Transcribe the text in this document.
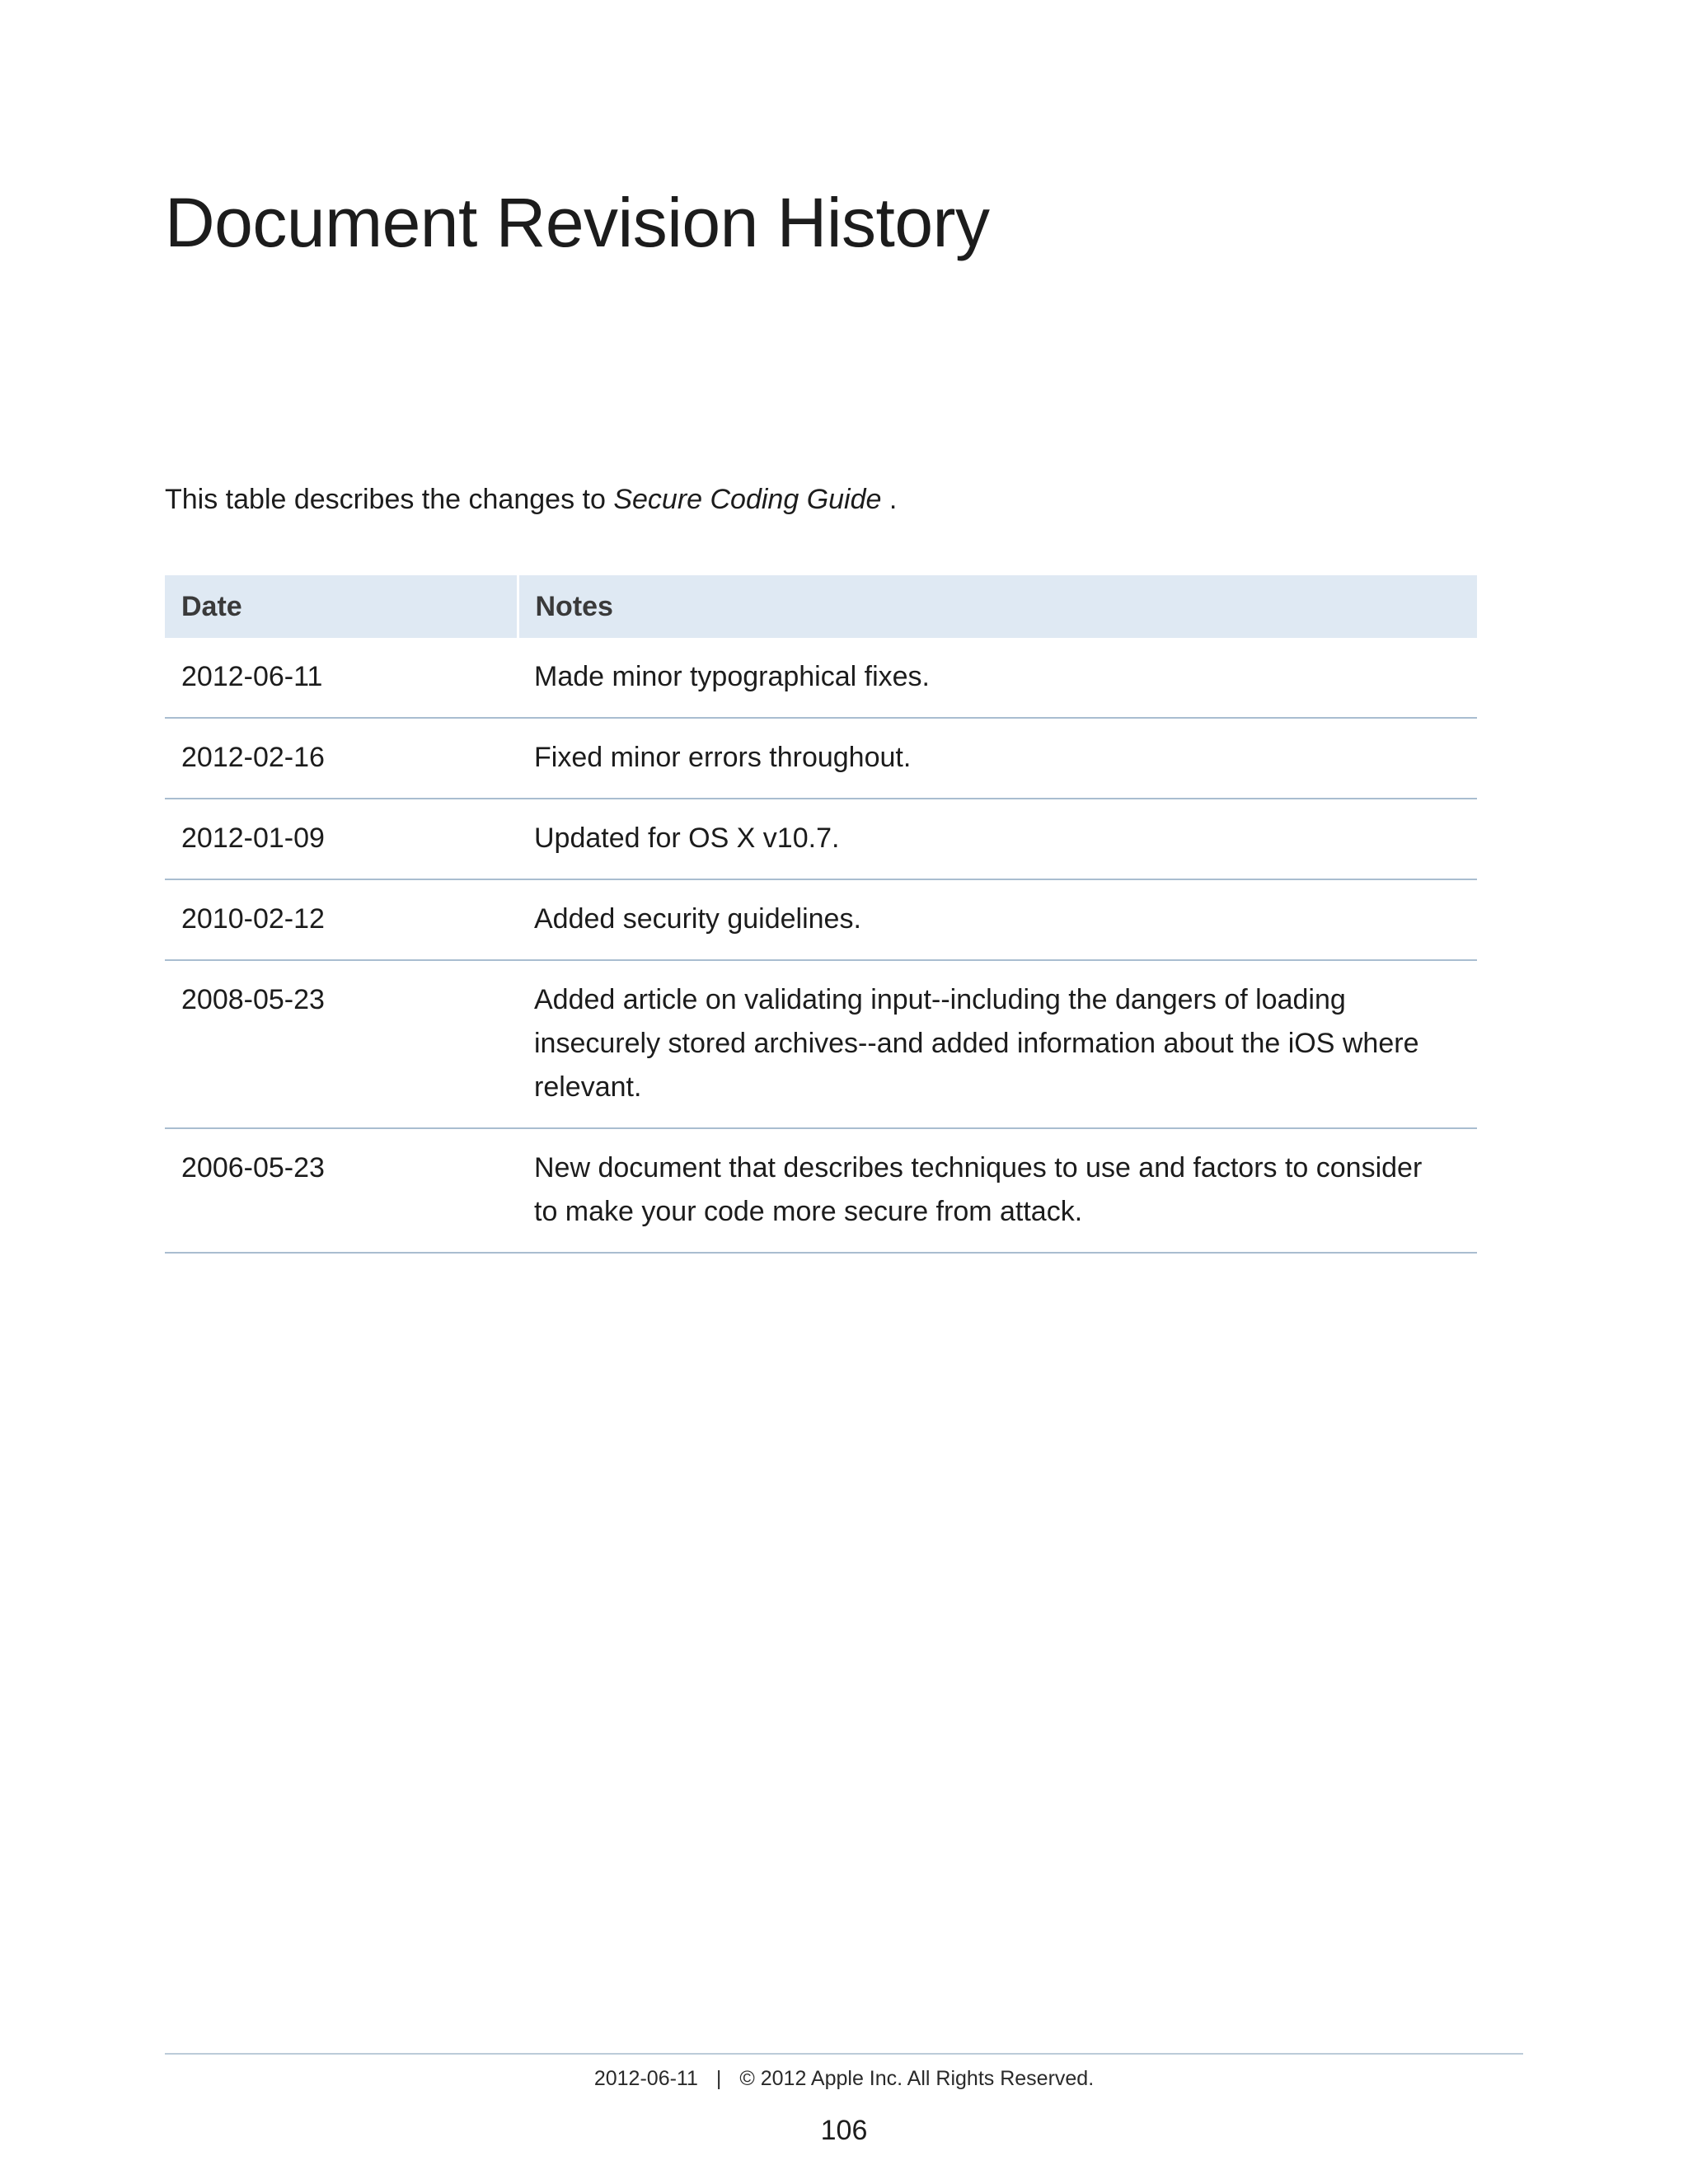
Document Revision History

This table describes the changes to Secure Coding Guide .

Date	Notes
2012-06-11	Made minor typographical fixes.
2012-02-16	Fixed minor errors throughout.
2012-01-09	Updated for OS X v10.7.
2010-02-12	Added security guidelines.
2008-05-23	Added article on validating input--including the dangers of loading insecurely stored archives--and added information about the iOS where relevant.
2006-05-23	New document that describes techniques to use and factors to consider to make your code more secure from attack.
2012-06-11 | © 2012 Apple Inc. All Rights Reserved.
106
